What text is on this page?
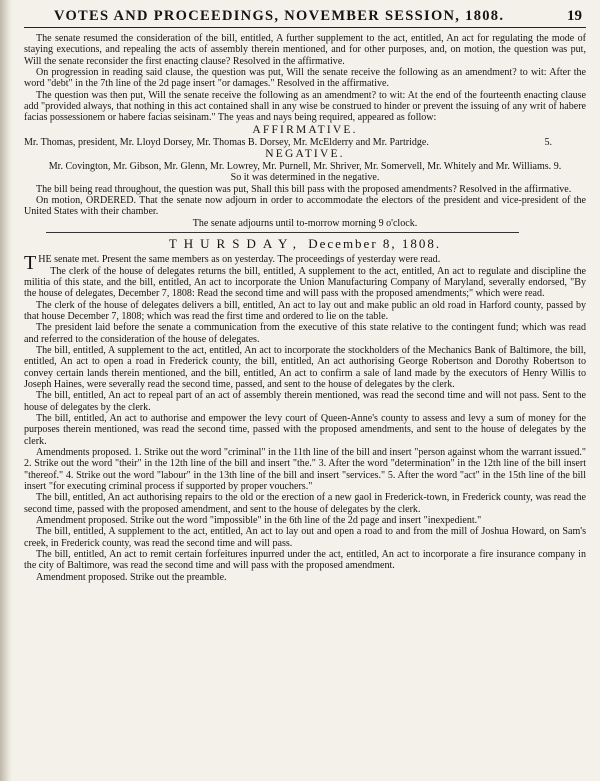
VOTES AND PROCEEDINGS, NOVEMBER SESSION, 1808.	19

The senate resumed the consideration of the bill, entitled, A further supplement to the act, entitled, An act for regulating the mode of staying executions, and repealing the acts of assembly therein mentioned, and for other purposes, and, on motion, the question was put, Will the senate reconsider the first enacting clause? Resolved in the affirmative.

On progression in reading said clause, the question was put, Will the senate receive the following as an amendment? to wit: After the word "debt" in the 7th line of the 2d page insert "or damages." Resolved in the affirmative.

The question was then put, Will the senate receive the following as an amendment? to wit: At the end of the fourteenth enacting clause add "provided always, that nothing in this act contained shall in any wise be construed to hinder or prevent the issuing of any writ of habere facias possessionem or habere facias seisinam." The yeas and nays being required, appeared as follow:

AFFIRMATIVE.

5.
Mr. Thomas, president, Mr. Lloyd Dorsey, Mr. Thomas B. Dorsey, Mr. McElderry and Mr. Partridge.

NEGATIVE.

Mr. Covington, Mr. Gibson, Mr. Glenn, Mr. Lowrey, Mr. Purnell, Mr. Shriver, Mr. Somervell, Mr. Whitely and Mr. Williams. 9.

So it was determined in the negative.

The bill being read throughout, the question was put, Shall this bill pass with the proposed amendments? Resolved in the affirmative.

On motion, ORDERED. That the senate now adjourn in order to accommodate the electors of the president and vice-president of the United States with their chamber.

The senate adjourns until to-morrow morning 9 o'clock.

THURSDAY, December 8, 1808.

THE senate met. Present the same members as on yesterday. The proceedings of yesterday were read.

The clerk of the house of delegates returns the bill, entitled, A supplement to the act, entitled, An act to regulate and discipline the militia of this state, and the bill, entitled, An act to incorporate the Union Manufacturing Company of Maryland, severally endorsed, "By the house of delegates, December 7, 1808: Read the second time and will pass with the proposed amendments;" which were read.

The clerk of the house of delegates delivers a bill, entitled, An act to lay out and make public an old road in Harford county, passed by that house December 7, 1808; which was read the first time and ordered to lie on the table.

The president laid before the senate a communication from the executive of this state relative to the contingent fund; which was read and referred to the consideration of the house of delegates.

The bill, entitled, A supplement to the act, entitled, An act to incorporate the stockholders of the Mechanics Bank of Baltimore, the bill, entitled, An act to open a road in Frederick county, the bill, entitled, An act authorising George Robertson and Dorothy Robertson to convey certain lands therein mentioned, and the bill, entitled, An act to confirm a sale of land made by the executors of Henry Willis to Joseph Haines, were severally read the second time, passed, and sent to the house of delegates by the clerk.

The bill, entitled, An act to repeal part of an act of assembly therein mentioned, was read the second time and will not pass. Sent to the house of delegates by the clerk.

The bill, entitled, An act to authorise and empower the levy court of Queen-Anne's county to assess and levy a sum of money for the purposes therein mentioned, was read the second time, passed with the proposed amendments, and sent to the house of delegates by the clerk.

Amendments proposed. 1. Strike out the word "criminal" in the 11th line of the bill and insert "person against whom the warrant issued." 2. Strike out the word "their" in the 12th line of the bill and insert "the." 3. After the word "determination" in the 12th line of the bill insert "thereof." 4. Strike out the word "labour" in the 13th line of the bill and insert "services." 5. After the word "act" in the 15th line of the bill insert "for executing criminal process if supported by proper vouchers."

The bill, entitled, An act authorising repairs to the old or the erection of a new gaol in Frederick-town, in Frederick county, was read the second time, passed with the proposed amendment, and sent to the house of delegates by the clerk.

Amendment proposed. Strike out the word "impossible" in the 6th line of the 2d page and insert "inexpedient."

The bill, entitled, A supplement to the act, entitled, An act to lay out and open a road to and from the mill of Joshua Howard, on Sam's creek, in Frederick county, was read the second time and will pass.

The bill, entitled, An act to remit certain forfeitures inpurred under the act, entitled, An act to incorporate a fire insurance company in the city of Baltimore, was read the second time and will pass with the proposed amendment.

Amendment proposed. Strike out the preamble.
